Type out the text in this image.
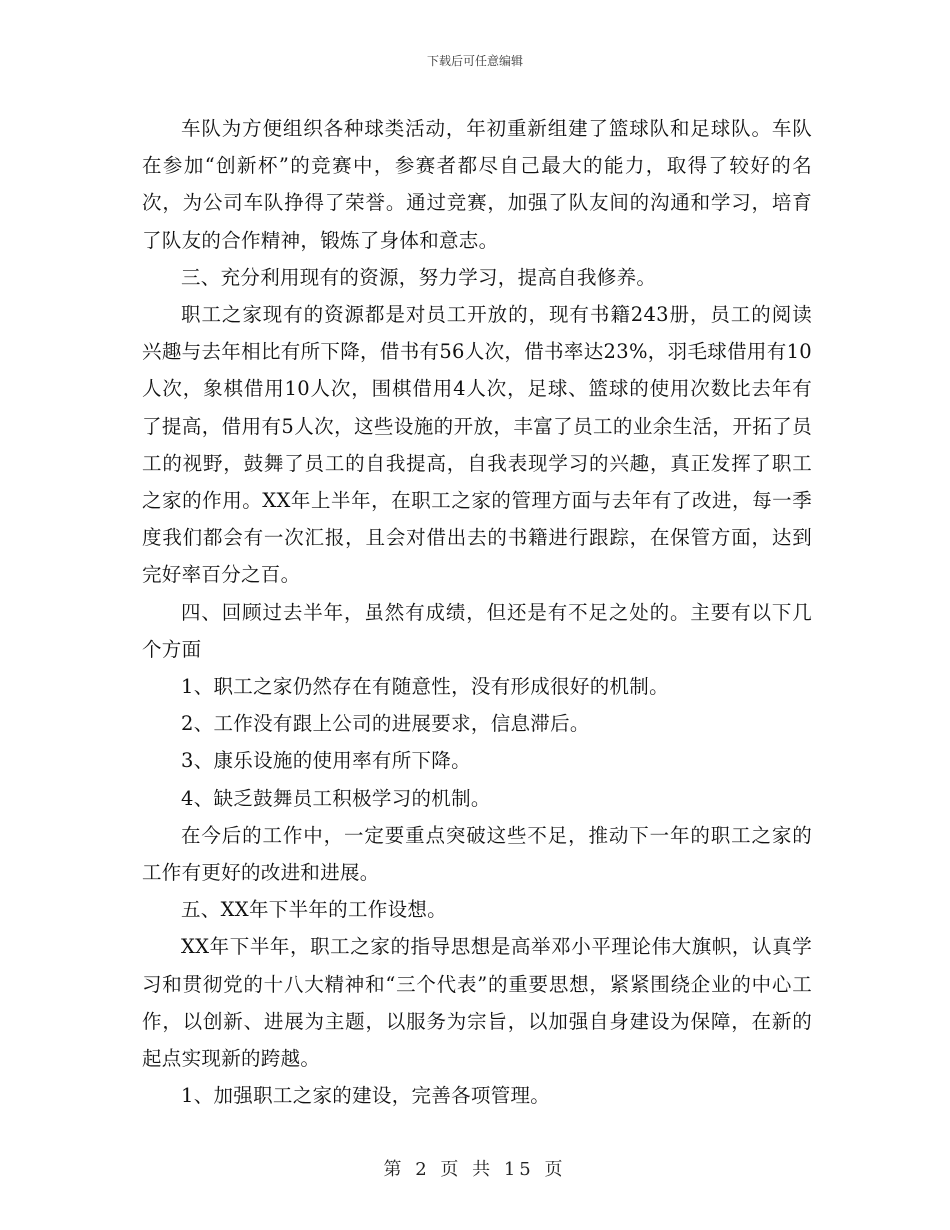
下载后可任意编辑

车队为方便组织各种球类活动，年初重新组建了篮球队和足球队。车队在参加“创新杯”的竞赛中，参赛者都尽自己最大的能力，取得了较好的名次，为公司车队挣得了荣誉。通过竞赛，加强了队友间的沟通和学习，培育了队友的合作精神，锻炼了身体和意志。

三、充分利用现有的资源，努力学习，提高自我修养。

职工之家现有的资源都是对员工开放的，现有书籍243册，员工的阅读兴趣与去年相比有所下降，借书有56人次，借书率达23%，羽毛球借用有10人次，象棋借用10人次，围棋借用4人次，足球、篮球的使用次数比去年有了提高，借用有5人次，这些设施的开放，丰富了员工的业余生活，开拓了员工的视野，鼓舞了员工的自我提高，自我表现学习的兴趣，真正发挥了职工之家的作用。XX年上半年，在职工之家的管理方面与去年有了改进，每一季度我们都会有一次汇报，且会对借出去的书籍进行跟踪，在保管方面，达到完好率百分之百。

四、回顾过去半年，虽然有成绩，但还是有不足之处的。主要有以下几个方面

1、职工之家仍然存在有随意性，没有形成很好的机制。

2、工作没有跟上公司的进展要求，信息滞后。

3、康乐设施的使用率有所下降。

4、缺乏鼓舞员工积极学习的机制。

在今后的工作中，一定要重点突破这些不足，推动下一年的职工之家的工作有更好的改进和进展。

五、XX年下半年的工作设想。

XX年下半年，职工之家的指导思想是高举邓小平理论伟大旗帜，认真学习和贯彻党的十八大精神和“三个代表”的重要思想，紧紧围绕企业的中心工作，以创新、进展为主题，以服务为宗旨，以加强自身建设为保障，在新的起点实现新的跨越。

1、加强职工之家的建设，完善各项管理。

第 2 页 共 15 页
